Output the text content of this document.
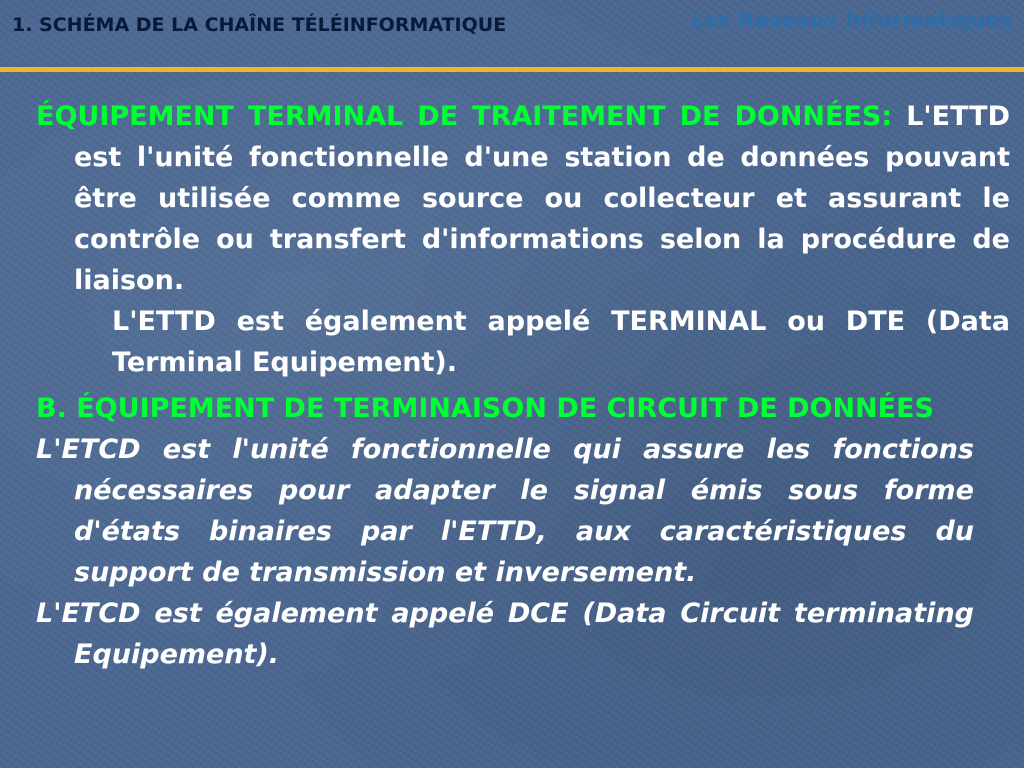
1. SCHÉMA DE LA CHAÎNE TÉLÉINFORMATIQUE	Les Réseaux Informatiques

ÉQUIPEMENT TERMINAL DE TRAITEMENT DE DONNÉES: L'ETTD est l'unité fonctionnelle d'une station de données pouvant être utilisée comme source ou collecteur et assurant le contrôle ou transfert d'informations selon la procédure de liaison.

L'ETTD est également appelé TERMINAL ou DTE (Data Terminal Equipement).

B. ÉQUIPEMENT DE TERMINAISON DE CIRCUIT DE DONNÉES

L'ETCD est l'unité fonctionnelle qui assure les fonctions nécessaires pour adapter le signal émis sous forme d'états binaires par l'ETTD, aux caractéristiques du support de transmission et inversement.

L'ETCD est également appelé DCE (Data Circuit terminating Equipement).
